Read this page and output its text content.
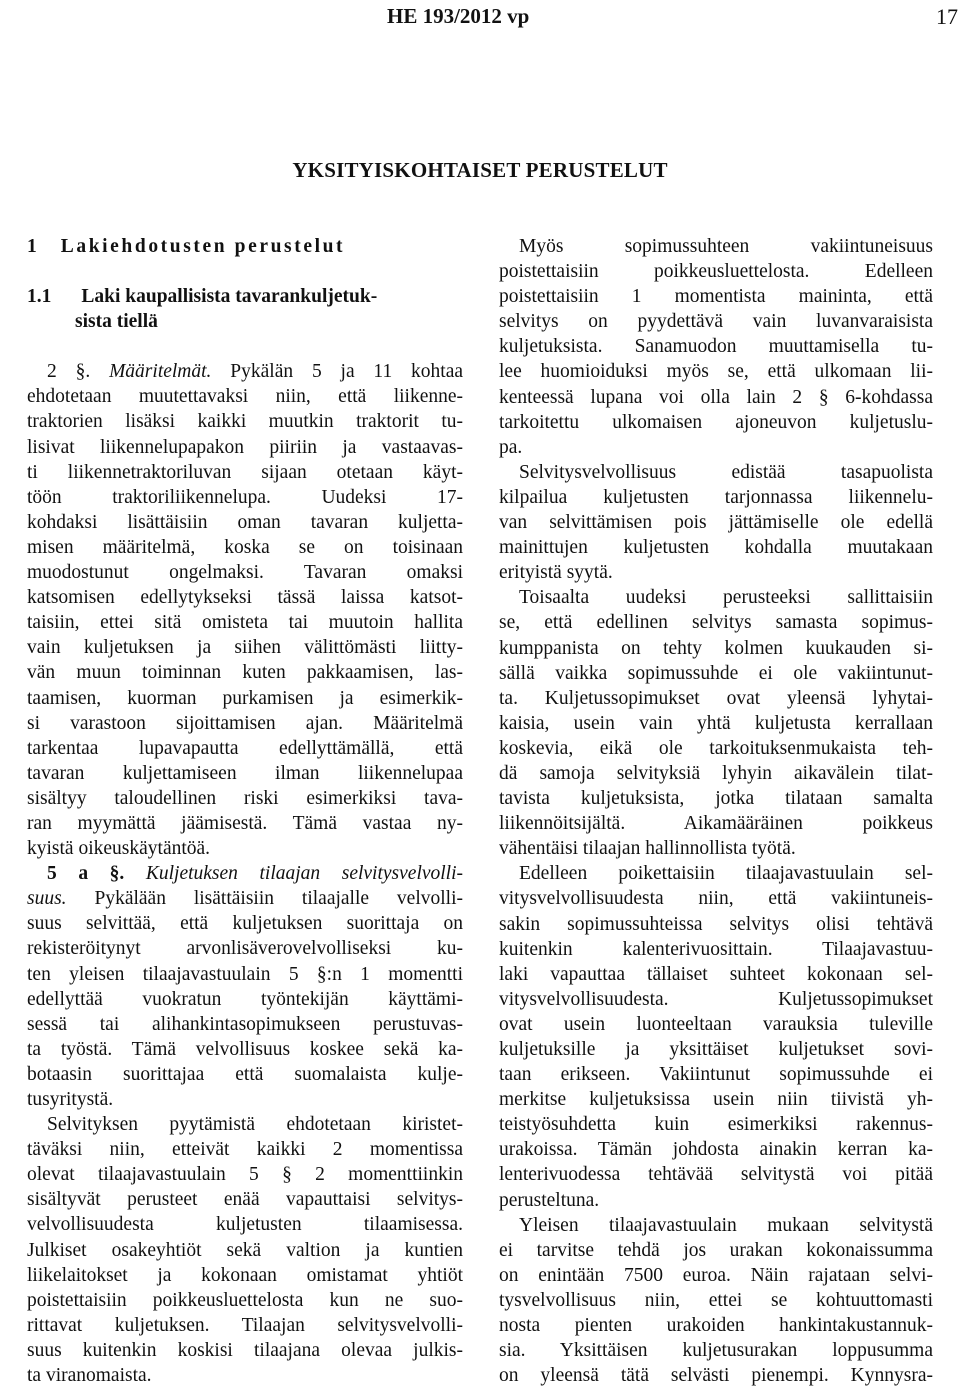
HE 193/2012 vp	17
YKSITYISKOHTAISET PERUSTELUT
1 Lakiehdotusten perustelut
1.1 Laki kaupallisista tavarankuljetuk-
sista tiellä
2 §. Määritelmät. Pykälän 5 ja 11 kohtaa
ehdotetaan muutettavaksi niin, että liikenne-
traktorien lisäksi kaikki muutkin traktorit tu-
lisivat liikennelupapakon piiriin ja vastaavas-
ti liikennetraktoriluvan sijaan otetaan käyt-
töön traktoriliikennelupa. Uudeksi 17-
kohdaksi lisättäisiin oman tavaran kuljetta-
misen määritelmä, koska se on toisinaan
muodostunut ongelmaksi. Tavaran omaksi
katsomisen edellytykseksi tässä laissa katsot-
taisiin, ettei sitä omisteta tai muutoin hallita
vain kuljetuksen ja siihen välittömästi liitty-
vän muun toiminnan kuten pakkaamisen, las-
taamisen, kuorman purkamisen ja esimerkik-
si varastoon sijoittamisen ajan. Määritelmä
tarkentaa lupavapautta edellyttämällä, että
tavaran kuljettamiseen ilman liikennelupaa
sisältyy taloudellinen riski esimerkiksi tava-
ran myymättä jäämisestä. Tämä vastaa ny-
kyistä oikeuskäytäntöä.
5 a §. Kuljetuksen tilaajan selvitysvelvolli-
suus. Pykälään lisättäisiin tilaajalle velvolli-
suus selvittää, että kuljetuksen suorittaja on
rekisteröitynyt arvonlisäverovelvolliseksi ku-
ten yleisen tilaajavastuulain 5 §:n 1 momentti
edellyttää vuokratun työntekijän käyttämi-
sessä tai alihankintasopimukseen perustuvas-
ta työstä. Tämä velvollisuus koskee sekä ka-
botaasin suorittajaa että suomalaista kulje-
tusyritystä.
Selvityksen pyytämistä ehdotetaan kiristet-
täväksi niin, etteivät kaikki 2 momentissa
olevat tilaajavastuulain 5 § 2 momenttiinkin
sisältyvät perusteet enää vapauttaisi selvitys-
velvollisuudesta kuljetusten tilaamisessa.
Julkiset osakeyhtiöt sekä valtion ja kuntien
liikelaitokset ja kokonaan omistamat yhtiöt
poistettaisiin poikkeusluettelosta kun ne suo-
rittavat kuljetuksen. Tilaajan selvitysvelvolli-
suus kuitenkin koskisi tilaajana olevaa julkis-
ta viranomaista.
Myös sopimussuhteen vakiintuneisuus
poistettaisiin poikkeusluettelosta. Edelleen
poistettaisiin 1 momentista maininta, että
selvitys on pyydettävä vain luvanvaraisista
kuljetuksista. Sanamuodon muuttamisella tu-
lee huomioiduksi myös se, että ulkomaan lii-
kenteessä lupana voi olla lain 2 § 6-kohdassa
tarkoitettu ulkomaisen ajoneuvon kuljetuslu-
pa.
Selvitysvelvollisuus edistää tasapuolista
kilpailua kuljetusten tarjonnassa liikennelu-
van selvittämisen pois jättämiselle ole edellä
mainittujen kuljetusten kohdalla muutakaan
erityistä syytä.
Toisaalta uudeksi perusteeksi sallittaisiin
se, että edellinen selvitys samasta sopimus-
kumppanista on tehty kolmen kuukauden si-
sällä vaikka sopimussuhde ei ole vakiintunut-
ta. Kuljetussopimukset ovat yleensä lyhytai-
kaisia, usein vain yhtä kuljetusta kerrallaan
koskevia, eikä ole tarkoituksenmukaista teh-
dä samoja selvityksiä lyhyin aikavälein tilat-
tavista kuljetuksista, jotka tilataan samalta
liikennöitsijältä. Aikamääräinen poikkeus
vähentäisi tilaajan hallinnollista työtä.
Edelleen poikettaisiin tilaajavastuulain sel-
vitysvelvollisuudesta niin, että vakiintuneis-
sakin sopimussuhteissa selvitys olisi tehtävä
kuitenkin kalenterivuosittain. Tilaajavastuu-
laki vapauttaa tällaiset suhteet kokonaan sel-
vitysvelvollisuudesta. Kuljetussopimukset
ovat usein luonteeltaan varauksia tuleville
kuljetuksille ja yksittäiset kuljetukset sovi-
taan erikseen. Vakiintunut sopimussuhde ei
merkitse kuljetuksissa usein niin tiivistä yh-
teistyösuhdetta kuin esimerkiksi rakennus-
urakoissa. Tämän johdosta ainakin kerran ka-
lenterivuodessa tehtävää selvitystä voi pitää
perusteltuna.
Yleisen tilaajavastuulain mukaan selvitystä
ei tarvitse tehdä jos urakan kokonaissumma
on enintään 7500 euroa. Näin rajataan selvi-
tysvelvollisuus niin, ettei se kohtuuttomasti
nosta pienten urakoiden hankintakustannuk-
sia. Yksittäisen kuljetusurakan loppusumma
on yleensä tätä selvästi pienempi. Kynnysra-
